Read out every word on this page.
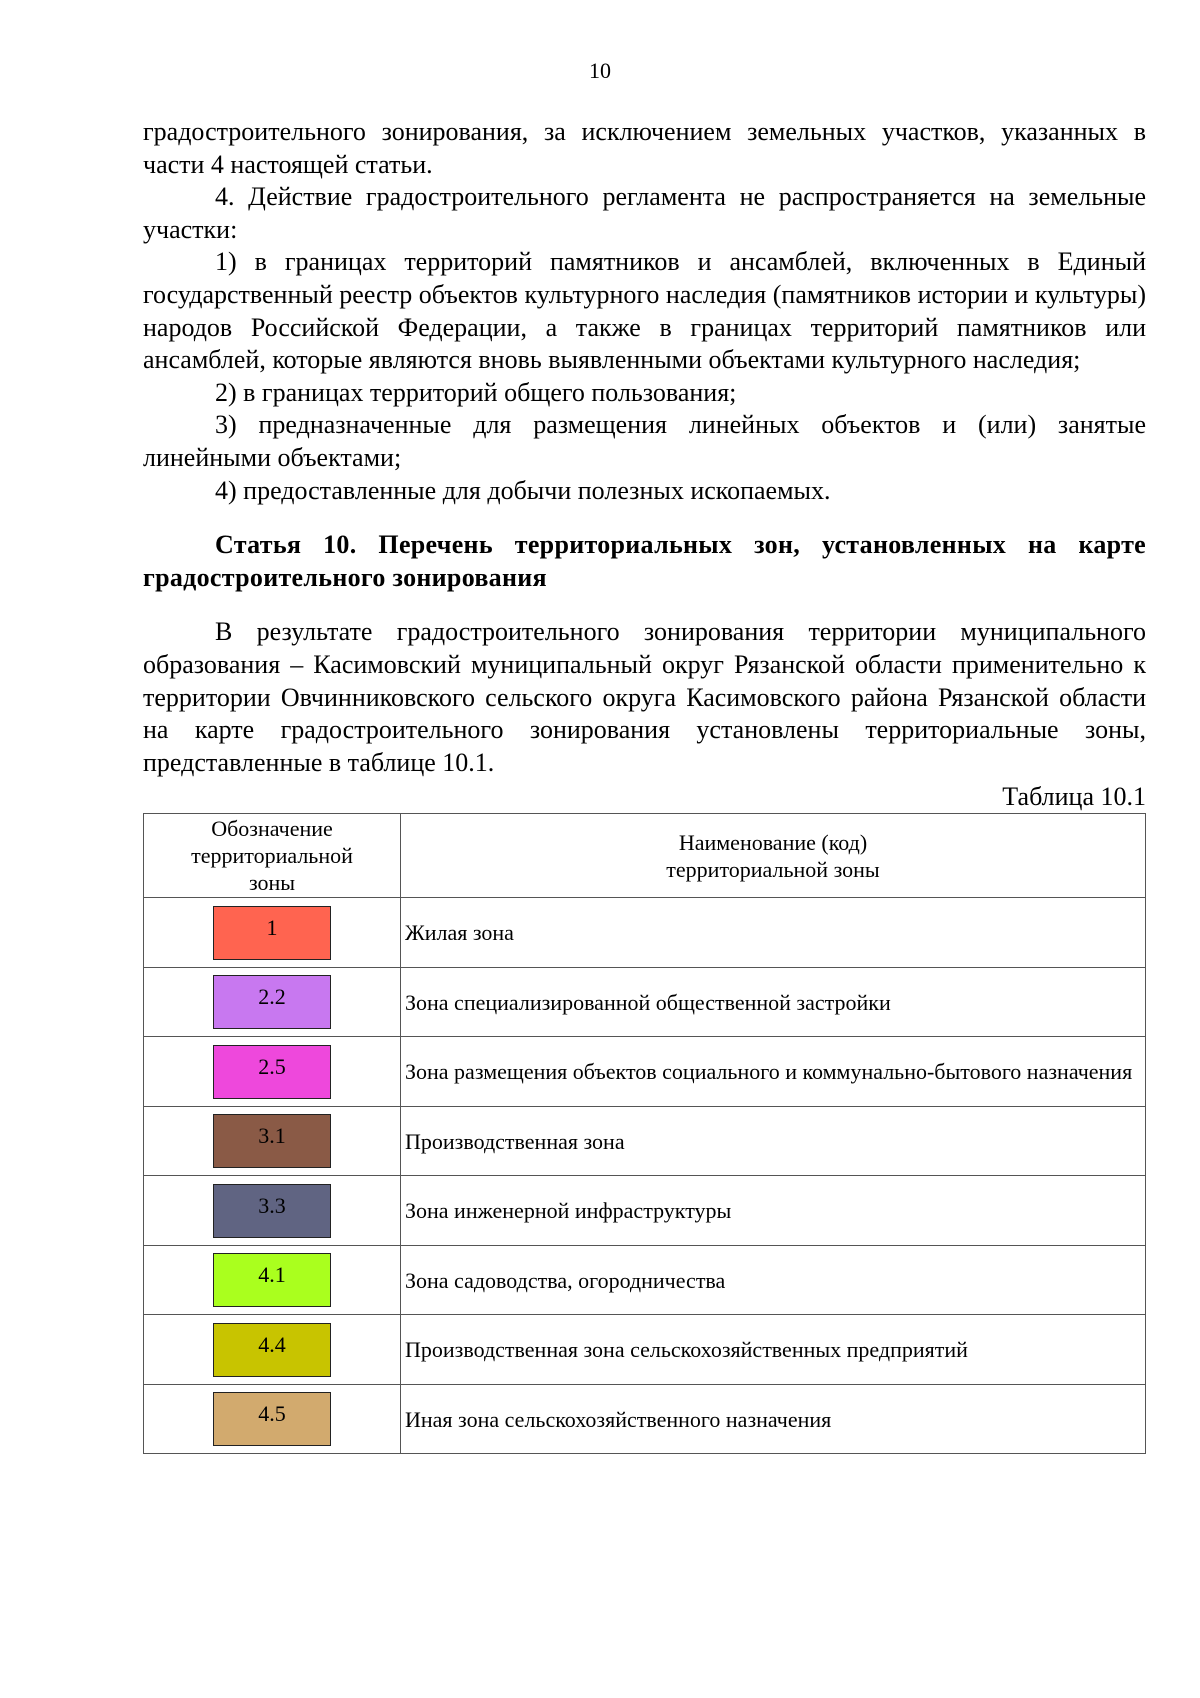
10

градостроительного зонирования, за исключением земельных участков, указанных в части 4 настоящей статьи.

4. Действие градостроительного регламента не распространяется на земельные участки:

1) в границах территорий памятников и ансамблей, включенных в Единый государственный реестр объектов культурного наследия (памятников истории и культуры) народов Российской Федерации, а также в границах территорий памятников или ансамблей, которые являются вновь выявленными объектами культурного наследия;

2) в границах территорий общего пользования;

3) предназначенные для размещения линейных объектов и (или) занятые линейными объектами;

4) предоставленные для добычи полезных ископаемых.

Статья 10. Перечень территориальных зон, установленных на карте градостроительного зонирования

В результате градостроительного зонирования территории муниципального образования – Касимовский муниципальный округ Рязанской области применительно к территории Овчинниковского сельского округа Касимовского района Рязанской области на карте градостроительного зонирования установлены территориальные зоны, представленные в таблице 10.1.

Таблица 10.1

Обозначение территориальной зоны	Наименование (код) территориальной зоны
1	Жилая зона
2.2	Зона специализированной общественной застройки
2.5	Зона размещения объектов социального и коммунально-бытового назначения
3.1	Производственная зона
3.3	Зона инженерной инфраструктуры
4.1	Зона садоводства, огородничества
4.4	Производственная зона сельскохозяйственных предприятий
4.5	Иная зона сельскохозяйственного назначения
